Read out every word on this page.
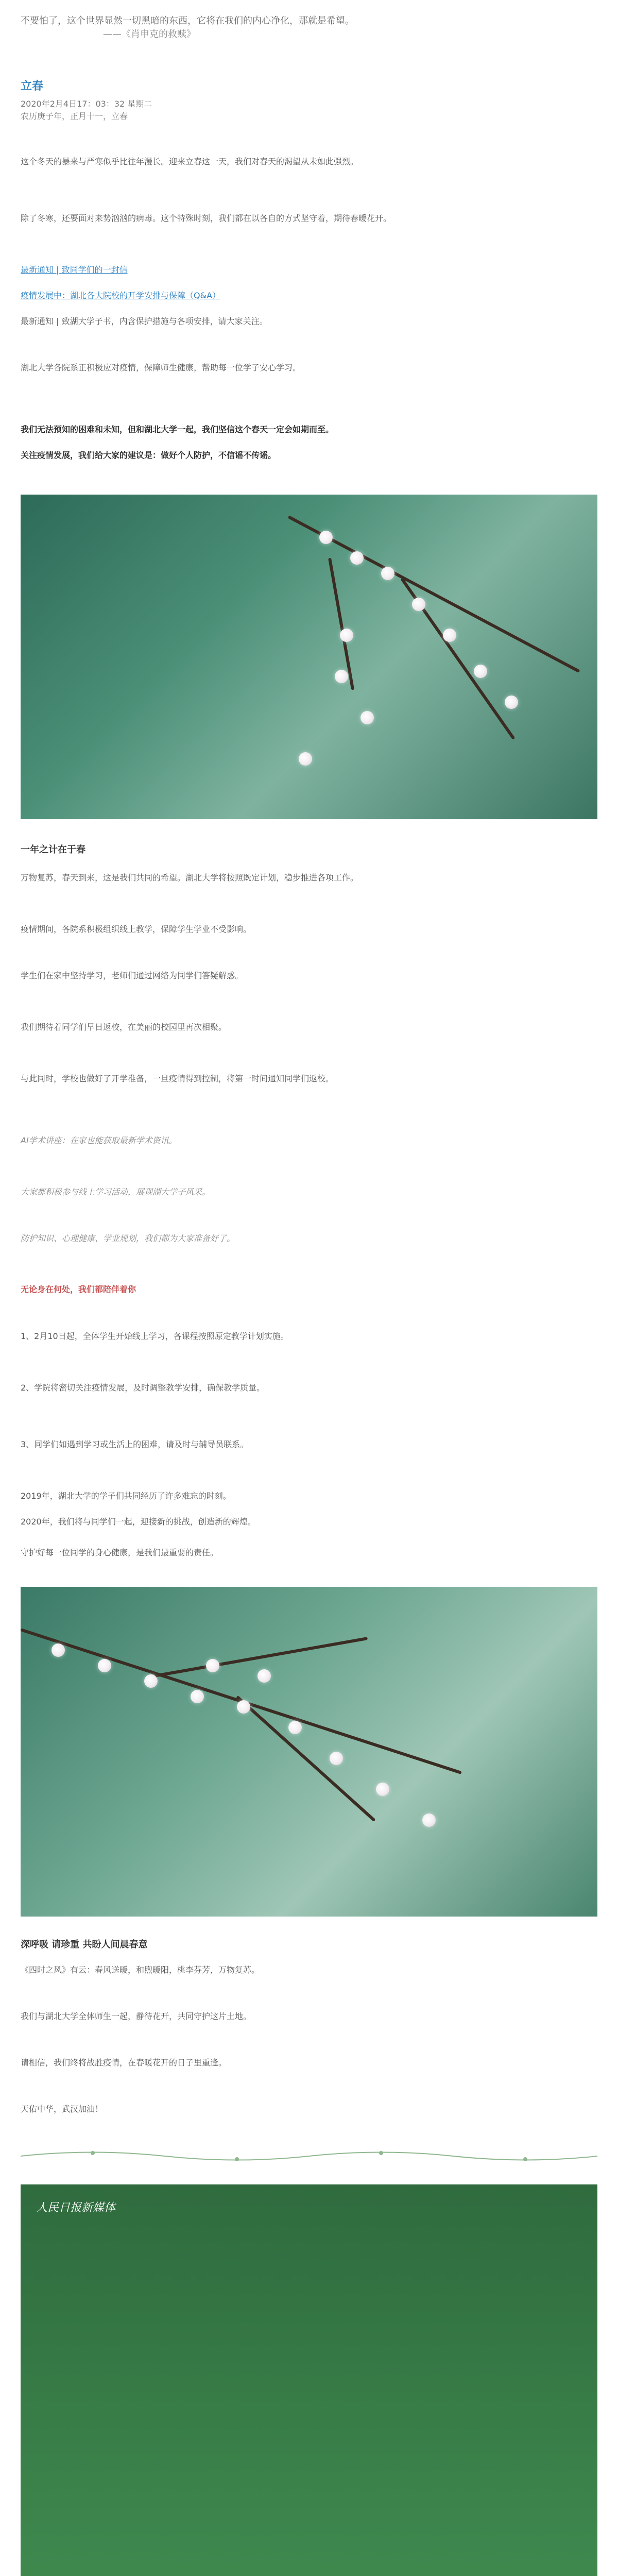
不要怕了，这个世界显然一切黑暗的东西，它将在我们的内心净化，那就是希望。
——《肖申克的救赎》
立春
2020年2月4日17：03：32 星期二
农历庚子年，正月十一，立春
这个冬天的暴来与严寒似乎比往年漫长。迎来立春这一天，我们对春天的渴望从未如此强烈。
除了冬寒，还要面对来势汹汹的病毒。这个特殊时刻，我们都在以各自的方式坚守着，期待春暖花开。
最新通知 | 致同学们的一封信
疫情发展中：湖北各大院校的开学安排与保障（Q&A）
最新通知 | 致湖大学子书，内含保护措施与各项安排，请大家关注。
湖北大学各院系正积极应对疫情，保障师生健康，帮助每一位学子安心学习。
我们无法预知的困难和未知，但和湖北大学一起，我们坚信这个春天一定会如期而至。
关注疫情发展，我们给大家的建议是：做好个人防护，不信谣不传谣。
一年之计在于春
万物复苏，春天到来，这是我们共同的希望。湖北大学将按照既定计划，稳步推进各项工作。
疫情期间，各院系积极组织线上教学，保障学生学业不受影响。
学生们在家中坚持学习，老师们通过网络为同学们答疑解惑。
我们期待着同学们早日返校，在美丽的校园里再次相聚。
与此同时，学校也做好了开学准备，一旦疫情得到控制，将第一时间通知同学们返校。
AI学术讲座：在家也能获取最新学术资讯。
大家都积极参与线上学习活动，展现湖大学子风采。
防护知识、心理健康、学业规划，我们都为大家准备好了。
无论身在何处，我们都陪伴着你
1、2月10日起，全体学生开始线上学习，各课程按照原定教学计划实施。
2、学院将密切关注疫情发展，及时调整教学安排，确保教学质量。
3、同学们如遇到学习或生活上的困难，请及时与辅导员联系。
2019年，湖北大学的学子们共同经历了许多难忘的时刻。
2020年，我们将与同学们一起，迎接新的挑战，创造新的辉煌。
守护好每一位同学的身心健康，是我们最重要的责任。
深呼吸 请珍重 共盼人间晨春意
《四时之风》有云：春风送暖，和煦暖阳，桃李芬芳，万物复苏。
我们与湖北大学全体师生一起，静待花开，共同守护这片土地。
请相信，我们终将战胜疫情，在春暖花开的日子里重逢。
天佑中华，武汉加油！
人民日报新媒体
